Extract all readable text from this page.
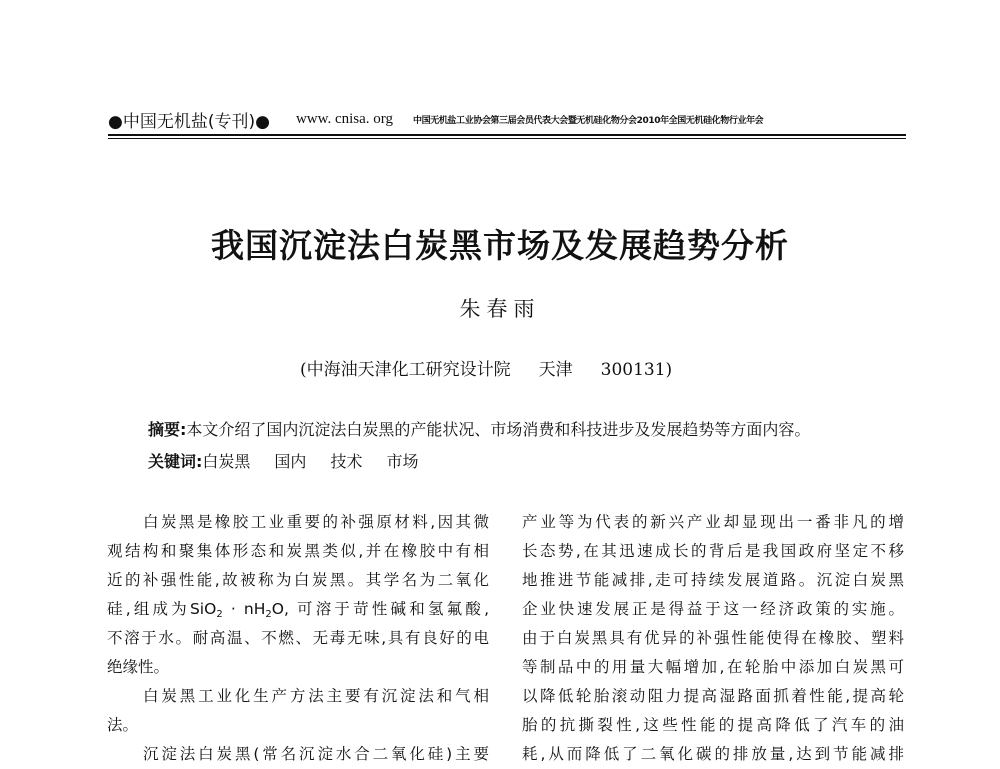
●中国无机盐(专刊)● www. cnisa. org 中国无机盐工业协会第三届会员代表大会暨无机硅化物分会2010年全国无机硅化物行业年会
我国沉淀法白炭黑市场及发展趋势分析
朱春雨
(中海油天津化工研究设计院 天津 300131)
摘要:本文介绍了国内沉淀法白炭黑的产能状况、市场消费和科技进步及发展趋势等方面内容。
关键词:白炭黑 国内 技术 市场
白炭黑是橡胶工业重要的补强原材料,因其微
观结构和聚集体形态和炭黑类似,并在橡胶中有相
近的补强性能,故被称为白炭黑。其学名为二氧化
硅,组成为$SiO_2 \cdot nH_2O$, 可溶于苛性碱和氢氟酸,
不溶于水。耐高温、不燃、无毒无味,具有良好的电
绝缘性。
白炭黑工业化生产方法主要有沉淀法和气相
法。
沉淀法白炭黑(常名沉淀水合二氧化硅)主要
产业等为代表的新兴产业却显现出一番非凡的增
长态势,在其迅速成长的背后是我国政府坚定不移
地推进节能减排,走可持续发展道路。沉淀白炭黑
企业快速发展正是得益于这一经济政策的实施。
由于白炭黑具有优异的补强性能使得在橡胶、塑料
等制品中的用量大幅增加,在轮胎中添加白炭黑可
以降低轮胎滚动阻力提高湿路面抓着性能,提高轮
胎的抗撕裂性,这些性能的提高降低了汽车的油
耗,从而降低了二氧化碳的排放量,达到节能减排
